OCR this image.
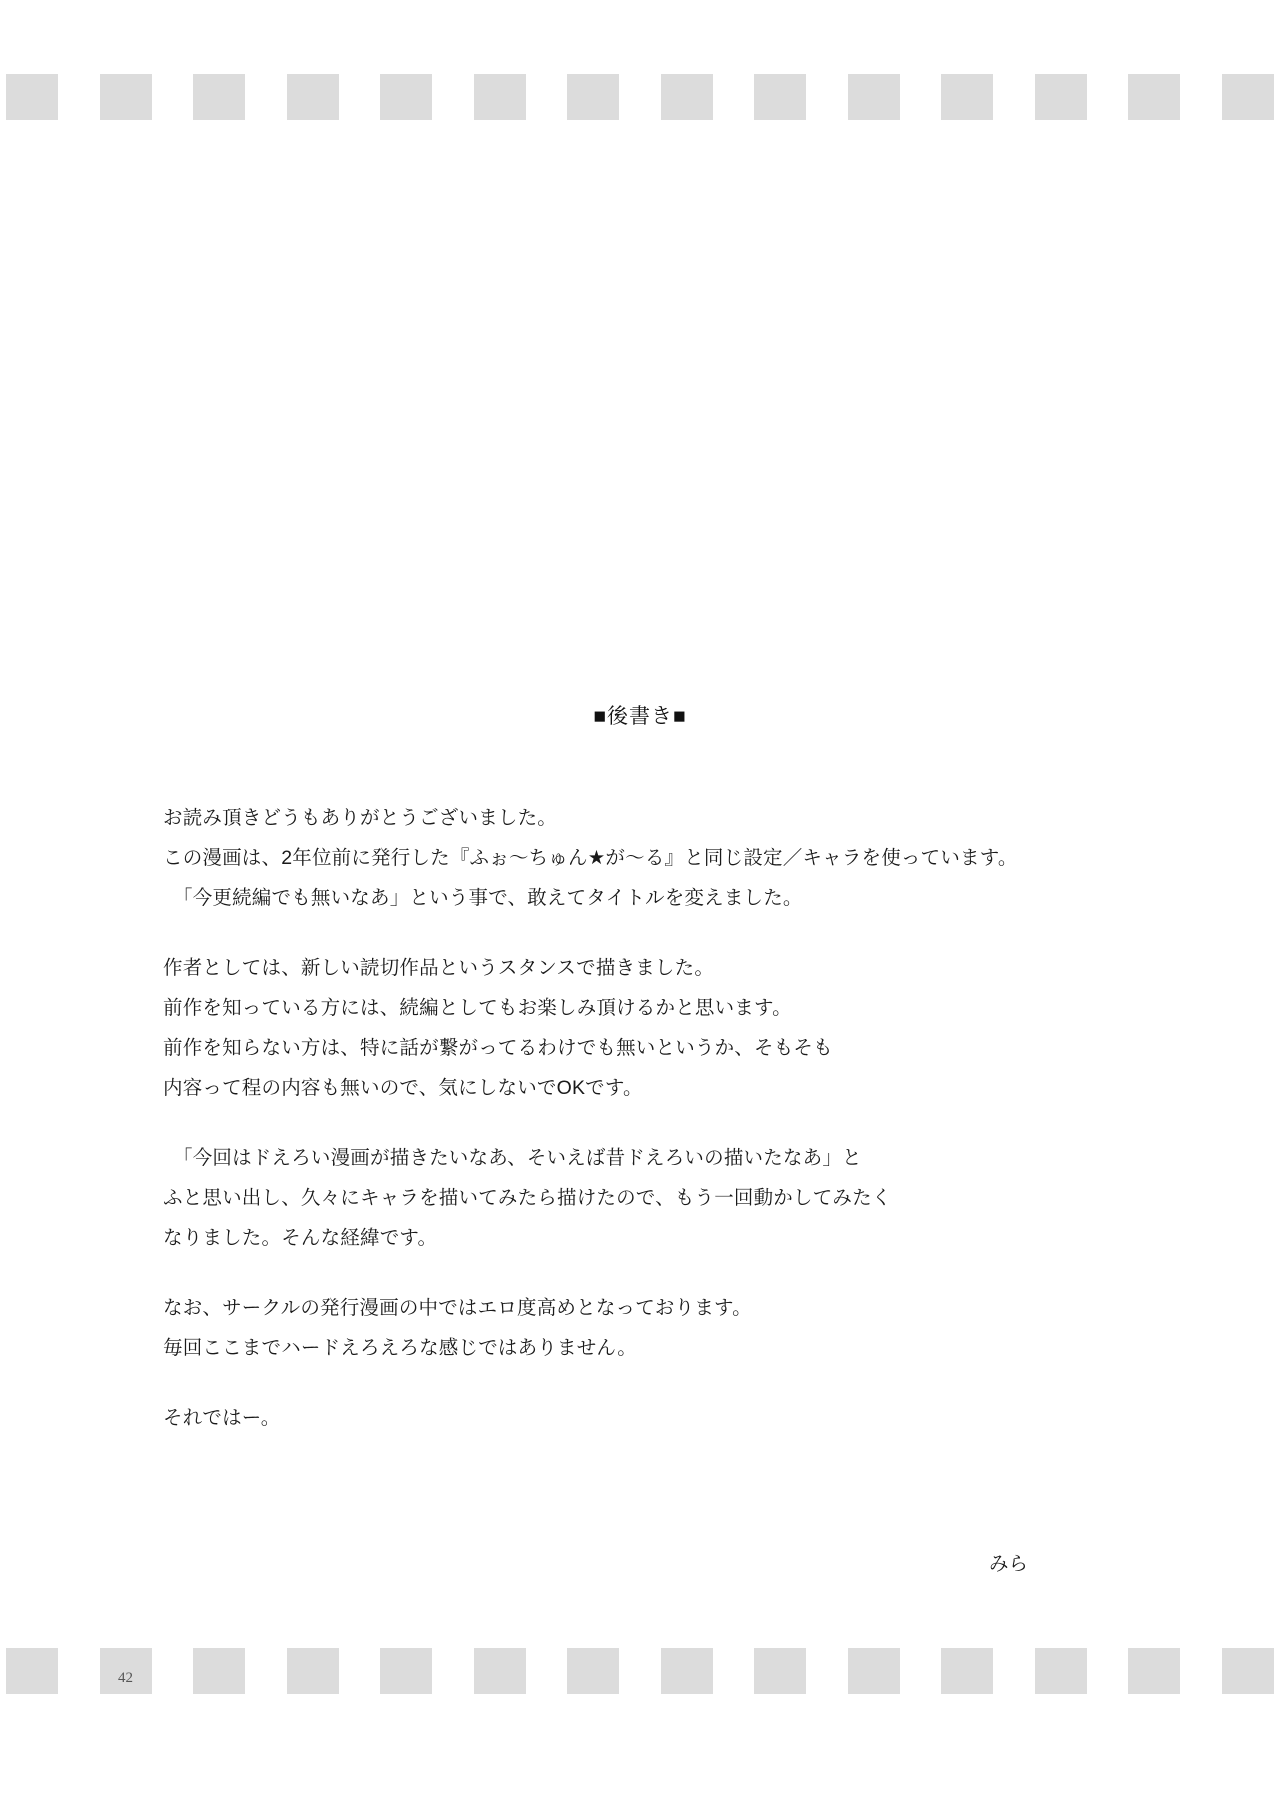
■後書き■

お読み頂きどうもありがとうございました。
この漫画は、2年位前に発行した『ふぉ〜ちゅん★が〜る』と同じ設定／キャラを使っています。
「今更続編でも無いなあ」という事で、敢えてタイトルを変えました。

作者としては、新しい読切作品というスタンスで描きました。
前作を知っている方には、続編としてもお楽しみ頂けるかと思います。
前作を知らない方は、特に話が繋がってるわけでも無いというか、そもそも
内容って程の内容も無いので、気にしないでOKです。

「今回はドえろい漫画が描きたいなあ、そいえば昔ドえろいの描いたなあ」と
ふと思い出し、久々にキャラを描いてみたら描けたので、もう一回動かしてみたく
なりました。そんな経緯です。

なお、サークルの発行漫画の中ではエロ度高めとなっております。
毎回ここまでハードえろえろな感じではありません。

それではー。

みら
42
